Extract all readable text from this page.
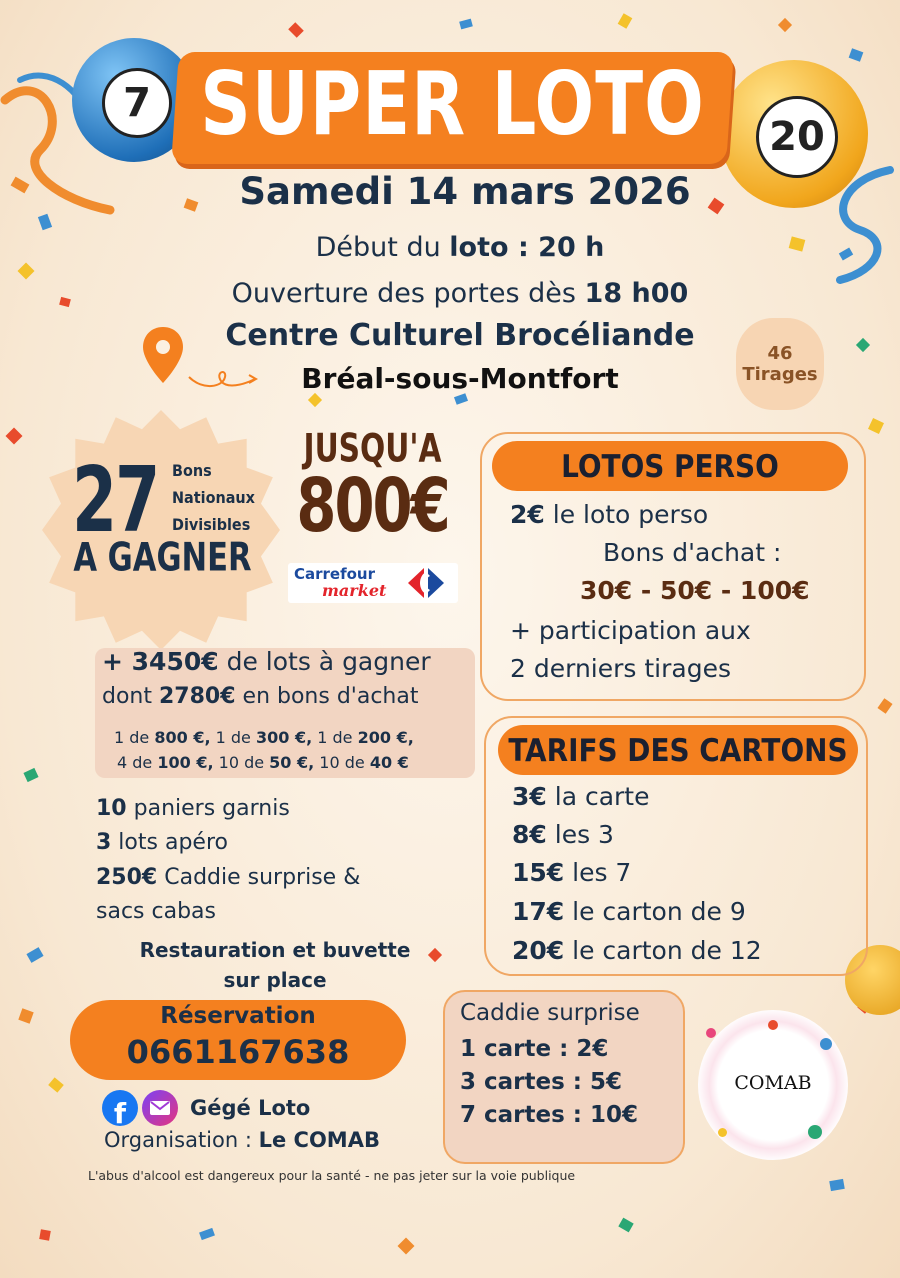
7
20
SUPER LOTO
Samedi 14 mars 2026
Début du loto : 20 h
Ouverture des portes dès 18 h00
Centre Culturel Brocéliande
Bréal-sous-Montfort
46
Tirages
27 Bons
Nationaux
Divisibles
A GAGNER
JUSQU'A
800€
Carrefour
market
LOTOS PERSO
2€ le loto perso
Bons d'achat :
30€ - 50€ - 100€
+ participation aux
2 derniers tirages
TARIFS DES CARTONS
3€ la carte
8€ les 3
15€ les 7
17€ le carton de 9
20€ le carton de 12
+ 3450€ de lots à gagner
dont 2780€ en bons d'achat
1 de 800 €, 1 de 300 €, 1 de 200 €,
4 de 100 €, 10 de 50 €, 10 de 40 €
10 paniers garnis
3 lots apéro
250€ Caddie surprise &
sacs cabas
Restauration et buvette
sur place
Réservation
0661167638
Caddie surprise
1 carte : 2€
3 cartes : 5€
7 cartes : 10€
COMAB
f	Gégé Loto
Organisation : Le COMAB
L'abus d'alcool est dangereux pour la santé - ne pas jeter sur la voie publique
